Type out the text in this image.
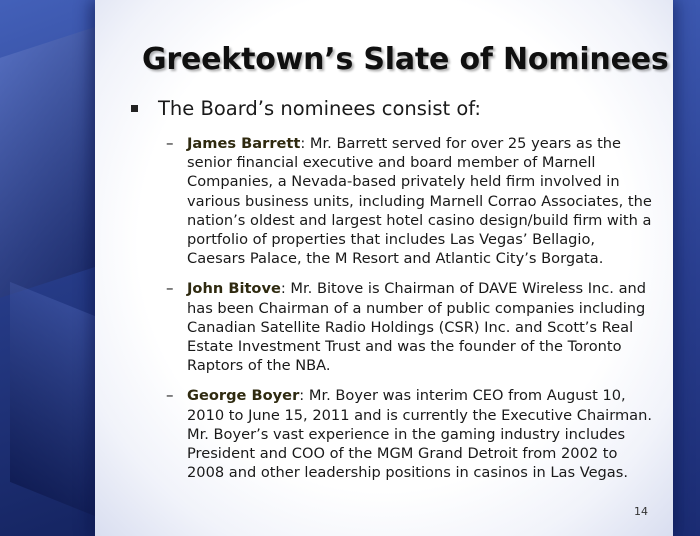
Greektown’s Slate of Nominees
The Board’s nominees consist of:
– James Barrett: Mr. Barrett served for over 25 years as the senior financial executive and board member of Marnell Companies, a Nevada-based privately held firm involved in various business units, including Marnell Corrao Associates, the nation’s oldest and largest hotel casino design/build firm with a portfolio of properties that includes Las Vegas’ Bellagio, Caesars Palace, the M Resort and Atlantic City’s Borgata.
– John Bitove: Mr. Bitove is Chairman of DAVE Wireless Inc. and has been Chairman of a number of public companies including Canadian Satellite Radio Holdings (CSR) Inc. and Scott’s Real Estate Investment Trust and was the founder of the Toronto Raptors of the NBA.
– George Boyer: Mr. Boyer was interim CEO from August 10, 2010 to June 15, 2011 and is currently the Executive Chairman. Mr. Boyer’s vast experience in the gaming industry includes President and COO of the MGM Grand Detroit from 2002 to 2008 and other leadership positions in casinos in Las Vegas.
14
